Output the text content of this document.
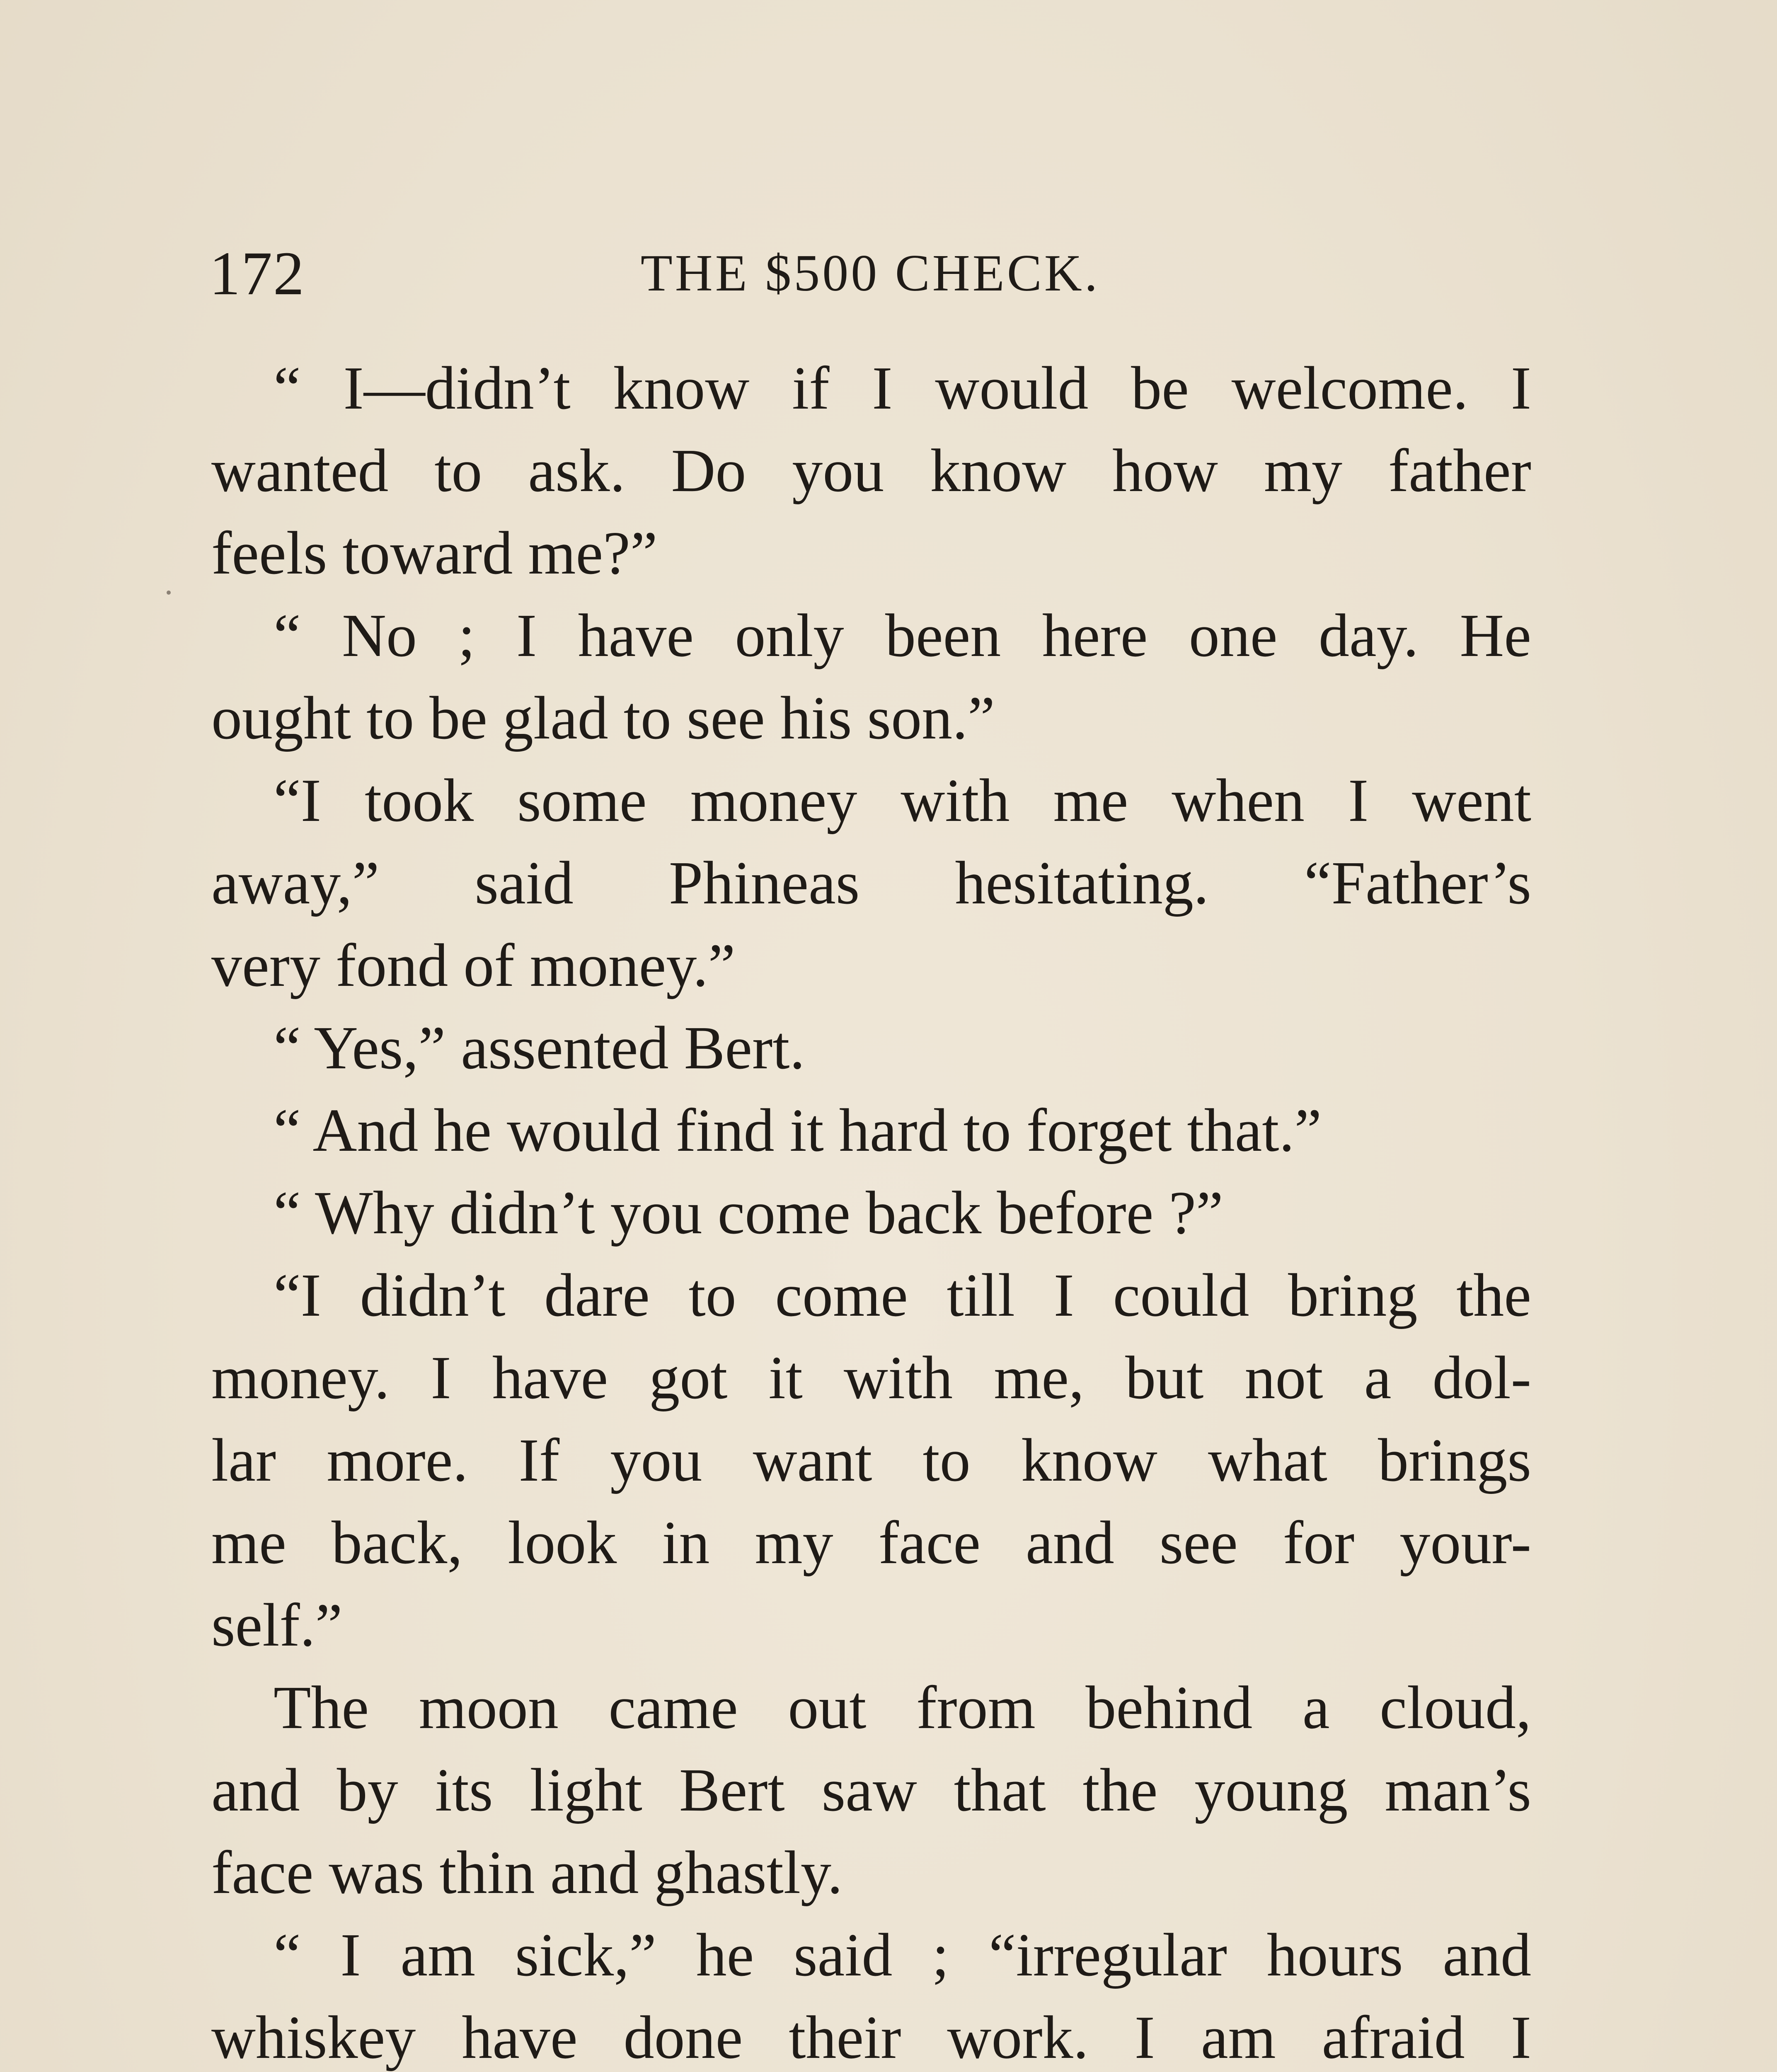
172	THE $500 CHECK.
“ I—didn’t know if I would be welcome. I
wanted to ask. Do you know how my father
feels toward me?”
“ No ; I have only been here one day. He
ought to be glad to see his son.”
“I took some money with me when I went
away,” said Phineas hesitating. “Father’s
very fond of money.”
“ Yes,” assented Bert.
“ And he would find it hard to forget that.”
“ Why didn’t you come back before ?”
“I didn’t dare to come till I could bring the
money. I have got it with me, but not a dol-
lar more. If you want to know what brings
me back, look in my face and see for your-
self.”
The moon came out from behind a cloud,
and by its light Bert saw that the young man’s
face was thin and ghastly.
“ I am sick,” he said ; “irregular hours and
whiskey have done their work. I am afraid I
